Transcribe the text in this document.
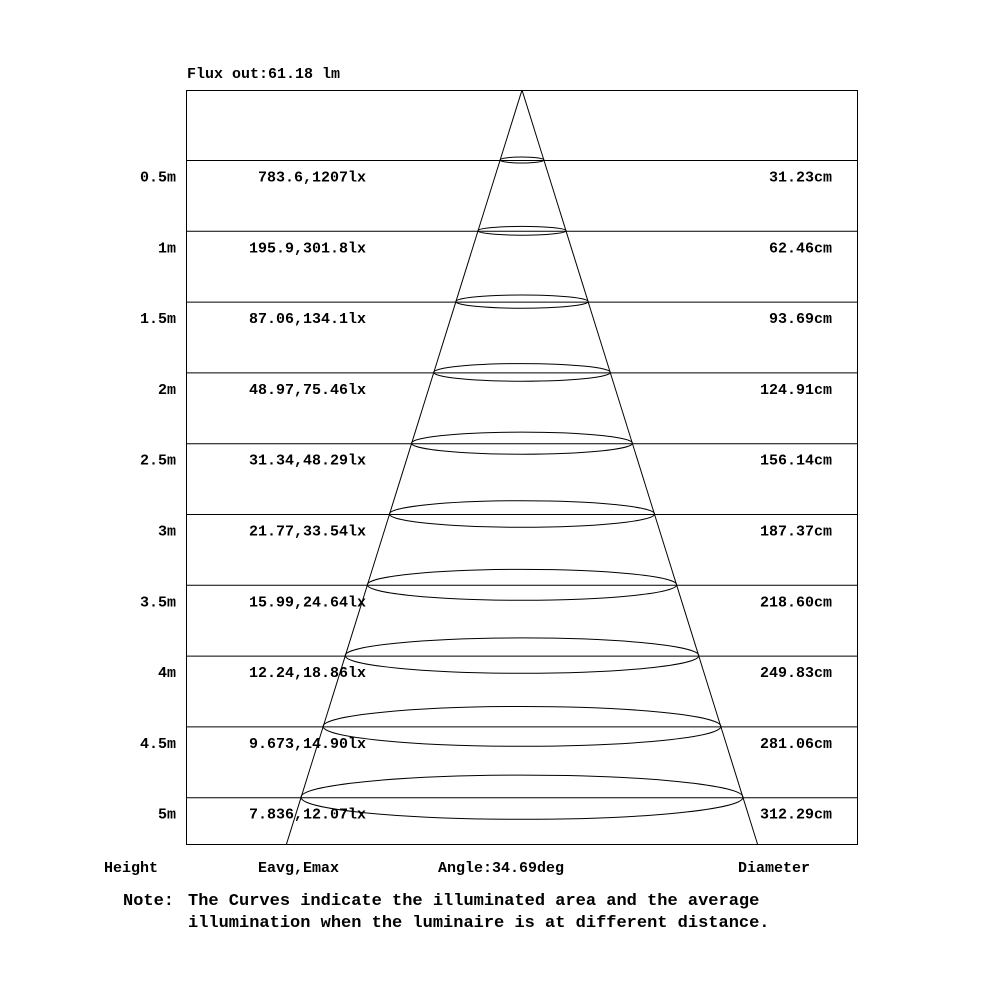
Flux out:61.18 lm
0.5m	783.6,1207lx	31.23cm
1m	195.9,301.8lx	62.46cm
1.5m	87.06,134.1lx	93.69cm
2m	48.97,75.46lx	124.91cm
2.5m	31.34,48.29lx	156.14cm
3m	21.77,33.54lx	187.37cm
3.5m	15.99,24.64lx	218.60cm
4m	12.24,18.86lx	249.83cm
4.5m	9.673,14.90lx	281.06cm
5m	7.836,12.07lx	312.29cm
Height	Eavg,Emax	Angle:34.69deg	Diameter
Note: The Curves indicate the illuminated area and the average
illumination when the luminaire is at different distance.
